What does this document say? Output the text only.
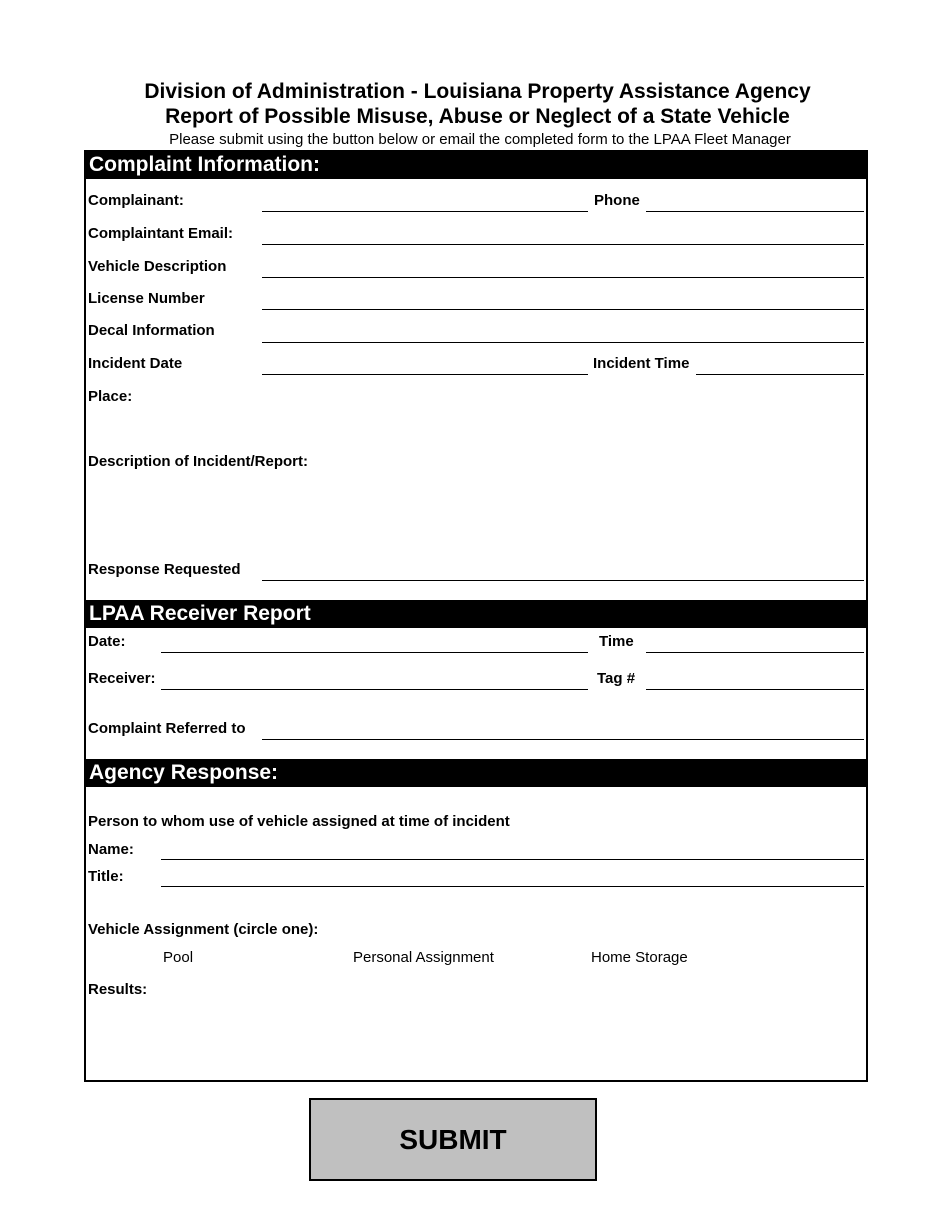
Division of Administration - Louisiana Property Assistance Agency
Report of Possible Misuse, Abuse or Neglect of a State Vehicle
Please submit using the button below or email the completed form to the LPAA Fleet Manager
Complaint Information:
Complainant:	Phone
Complaintant Email:
Vehicle Description
License Number
Decal Information
Incident Date	Incident Time
Place:
Description of Incident/Report:
Response Requested
LPAA Receiver Report
Date:	Time
Receiver:	Tag #
Complaint Referred to
Agency Response:
Person to whom use of vehicle assigned at time of incident
Name:
Title:
Vehicle Assignment (circle one):
Pool	Personal Assignment	Home Storage
Results:
SUBMIT
